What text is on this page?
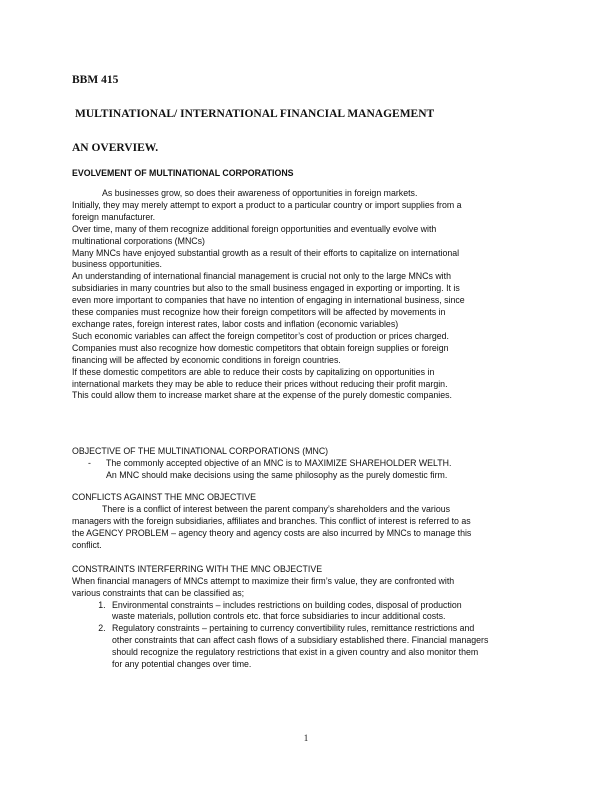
BBM 415
MULTINATIONAL/ INTERNATIONAL FINANCIAL MANAGEMENT
AN OVERVIEW.
EVOLVEMENT OF MULTINATIONAL CORPORATIONS
As businesses grow, so does their awareness of opportunities in foreign markets.
Initially, they may merely attempt to export a product to a particular country or import supplies from a
foreign manufacturer.
Over time, many of them recognize additional foreign opportunities and eventually evolve with
multinational corporations (MNCs)
Many MNCs have enjoyed substantial growth as a result of their efforts to capitalize on international
business opportunities.
An understanding of international financial management is crucial not only to the large MNCs with
subsidiaries in many countries but also to the small business engaged in exporting or importing. It is
even more important to companies that have no intention of engaging in international business, since
these companies must recognize how their foreign competitors will be affected by movements in
exchange rates, foreign interest rates, labor costs and inflation (economic variables)
Such economic variables can affect the foreign competitor’s cost of production or prices charged.
Companies must also recognize how domestic competitors that obtain foreign supplies or foreign
financing will be affected by economic conditions in foreign countries.
If these domestic competitors are able to reduce their costs by capitalizing on opportunities in
international markets they may be able to reduce their prices without reducing their profit margin.
This could allow them to increase market share at the expense of the purely domestic companies.
OBJECTIVE OF THE MULTINATIONAL CORPORATIONS (MNC)
- The commonly accepted objective of an MNC is to MAXIMIZE SHAREHOLDER WELTH.
An MNC should make decisions using the same philosophy as the purely domestic firm.
CONFLICTS AGAINST THE MNC OBJECTIVE
There is a conflict of interest between the parent company’s shareholders and the various
managers with the foreign subsidiaries, affiliates and branches. This conflict of interest is referred to as
the AGENCY PROBLEM – agency theory and agency costs are also incurred by MNCs to manage this
conflict.
CONSTRAINTS INTERFERRING WITH THE MNC OBJECTIVE
When financial managers of MNCs attempt to maximize their firm’s value, they are confronted with
various constraints that can be classified as;
1. Environmental constraints – includes restrictions on building codes, disposal of production
waste materials, pollution controls etc. that force subsidiaries to incur additional costs.
2. Regulatory constraints – pertaining to currency convertibility rules, remittance restrictions and
other constraints that can affect cash flows of a subsidiary established there. Financial managers
should recognize the regulatory restrictions that exist in a given country and also monitor them
for any potential changes over time.
1
